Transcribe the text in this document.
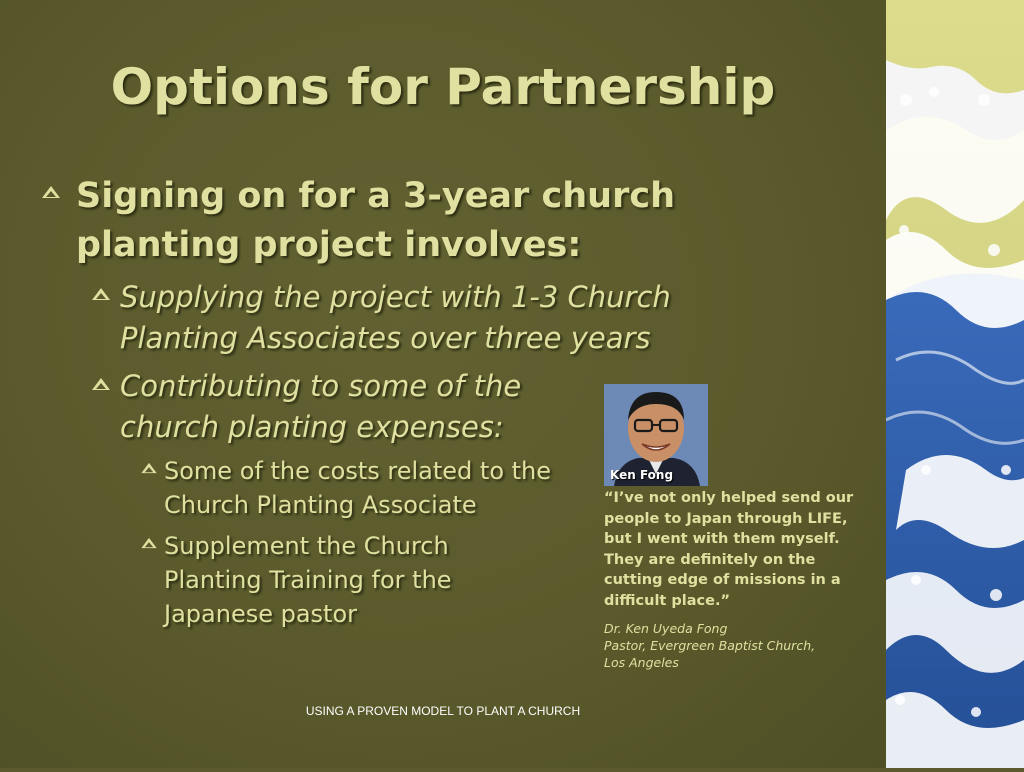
Options for Partnership
Signing on for a 3-year church planting project involves:
Supplying the project with 1-3 Church Planting Associates over three years
Contributing to some of the church planting expenses:
Some of the costs related to the Church Planting Associate
Supplement the Church Planting Training for the Japanese pastor
Ken Fong
“I’ve not only helped send our people to Japan through LIFE, but I went with them myself. They are definitely on the cutting edge of missions in a difficult place.”
Dr. Ken Uyeda Fong
Pastor, Evergreen Baptist Church,
Los Angeles
USING A PROVEN MODEL TO PLANT A CHURCH
